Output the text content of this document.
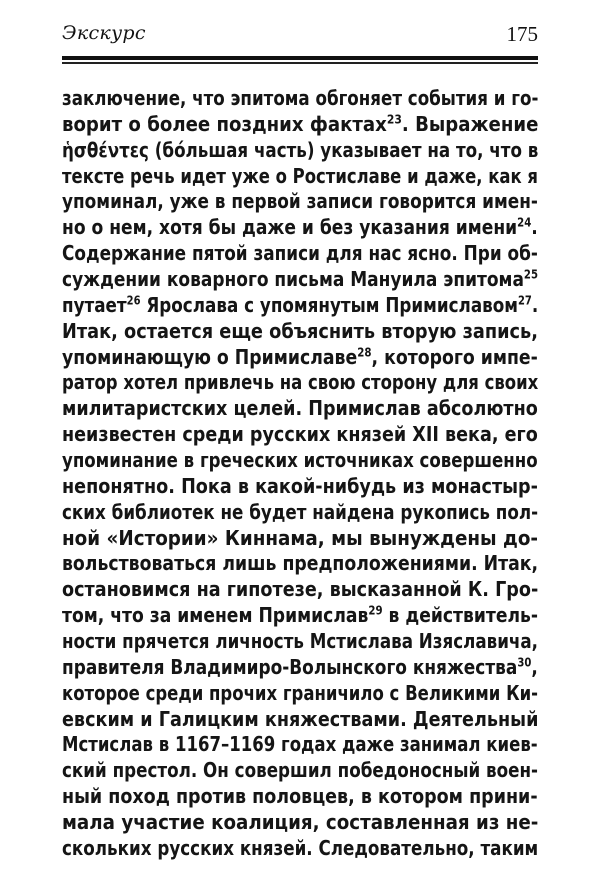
Экскурс	175
заключение, что эпитома обгоняет события и го-
ворит о более поздних фактах$^{23}$. Выражение
ἡσθέντες (бóльшая часть) указывает на то, что в
тексте речь идет уже о Ростиславе и даже, как я
упоминал, уже в первой записи говорится имен-
но о нем, хотя бы даже и без указания имени$^{24}$.
Содержание пятой записи для нас ясно. При об-
суждении коварного письма Мануила эпитома$^{25}$
путает$^{26}$ Ярослава с упомянутым Примиславом$^{27}$.
Итак, остается еще объяснить вторую запись,
упоминающую о Примиславе$^{28}$, которого импе-
ратор хотел привлечь на свою сторону для своих
милитаристских целей. Примислав абсолютно
неизвестен среди русских князей XII века, его
упоминание в греческих источниках совершенно
непонятно. Пока в какой-нибудь из монастыр-
ских библиотек не будет найдена рукопись пол-
ной «Истории» Киннама, мы вынуждены до-
вольствоваться лишь предположениями. Итак,
остановимся на гипотезе, высказанной К. Гро-
том, что за именем Примислав$^{29}$ в действитель-
ности прячется личность Мстислава Изяславича,
правителя Владимиро-Волынского княжества$^{30}$,
которое среди прочих граничило с Великими Ки-
евским и Галицким княжествами. Деятельный
Мстислав в 1167–1169 годах даже занимал киев-
ский престол. Он совершил победоносный воен-
ный поход против половцев, в котором прини-
мала участие коалиция, составленная из не-
скольких русских князей. Следовательно, таким
